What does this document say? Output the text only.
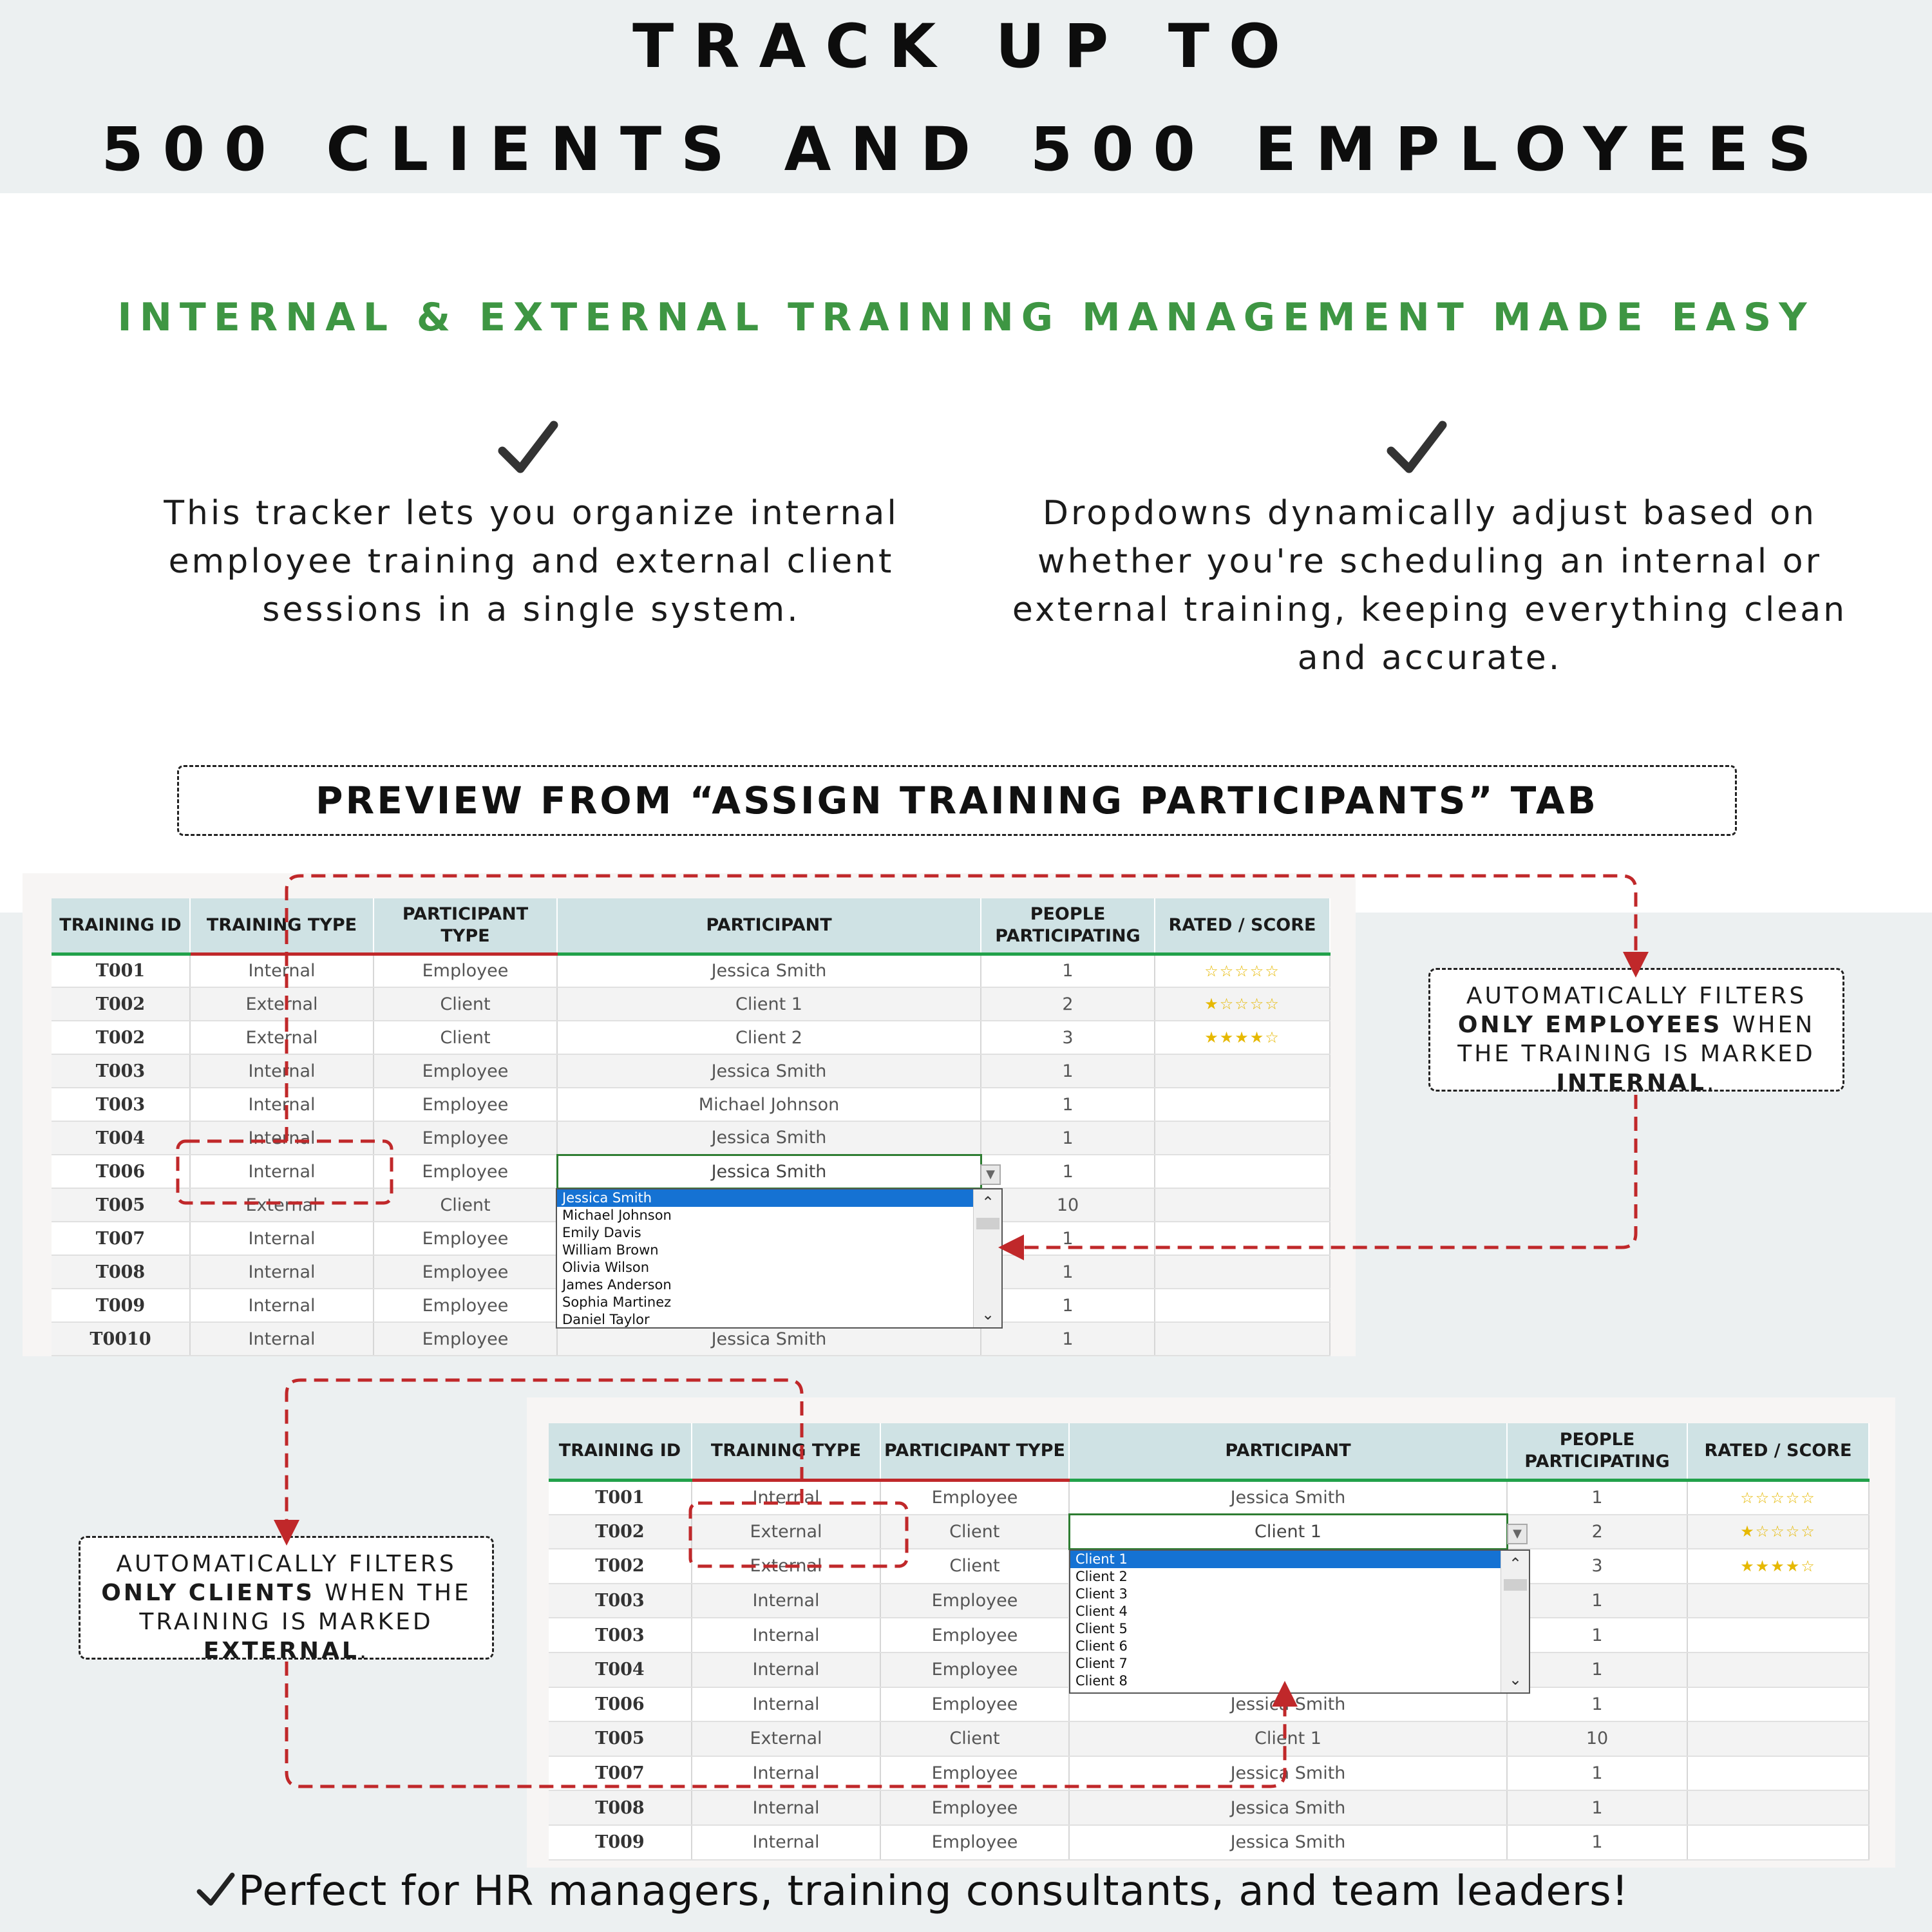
TRACK UP TO
500 CLIENTS AND 500 EMPLOYEES
INTERNAL & EXTERNAL TRAINING MANAGEMENT MADE EASY
This tracker lets you organize internal employee training and external client sessions in a single system.
Dropdowns dynamically adjust based on whether you're scheduling an internal or external training, keeping everything clean and accurate.
PREVIEW FROM “ASSIGN TRAINING PARTICIPANTS” TAB
TRAINING ID	TRAINING TYPE	PARTICIPANT TYPE	PARTICIPANT	PEOPLE PARTICIPATING	RATED / SCORE
T001	Internal	Employee	Jessica Smith	1	☆☆☆☆☆
T002	External	Client	Client 1	2	★☆☆☆☆
T002	External	Client	Client 2	3	★★★★☆
T003	Internal	Employee	Jessica Smith	1	
T003	Internal	Employee	Michael Johnson	1	
T004	Internal	Employee	Jessica Smith	1	
T006	Internal	Employee	Jessica Smith	1	
T005	External	Client		10	
T007	Internal	Employee		1	
T008	Internal	Employee		1	
T009	Internal	Employee		1	
T0010	Internal	Employee	Jessica Smith	1	
▼
Jessica Smith
Michael Johnson
Emily Davis
William Brown
Olivia Wilson
James Anderson
Sophia Martinez
Daniel Taylor
⌃
⌄
TRAINING ID	TRAINING TYPE	PARTICIPANT TYPE	PARTICIPANT	PEOPLE PARTICIPATING	RATED / SCORE
T001	Internal	Employee	Jessica Smith	1	☆☆☆☆☆
T002	External	Client	Client 1	2	★☆☆☆☆
T002	External	Client		3	★★★★☆
T003	Internal	Employee		1	
T003	Internal	Employee		1	
T004	Internal	Employee		1	
T006	Internal	Employee	Jessica Smith	1	
T005	External	Client	Client 1	10	
T007	Internal	Employee	Jessica Smith	1	
T008	Internal	Employee	Jessica Smith	1	
T009	Internal	Employee	Jessica Smith	1	
▼
Client 1
Client 2
Client 3
Client 4
Client 5
Client 6
Client 7
Client 8
⌃
⌄
AUTOMATICALLY FILTERS ONLY EMPLOYEES WHEN THE TRAINING IS MARKED INTERNAL.
AUTOMATICALLY FILTERS ONLY CLIENTS WHEN THE TRAINING IS MARKED EXTERNAL.
Perfect for HR managers, training consultants, and team leaders!
